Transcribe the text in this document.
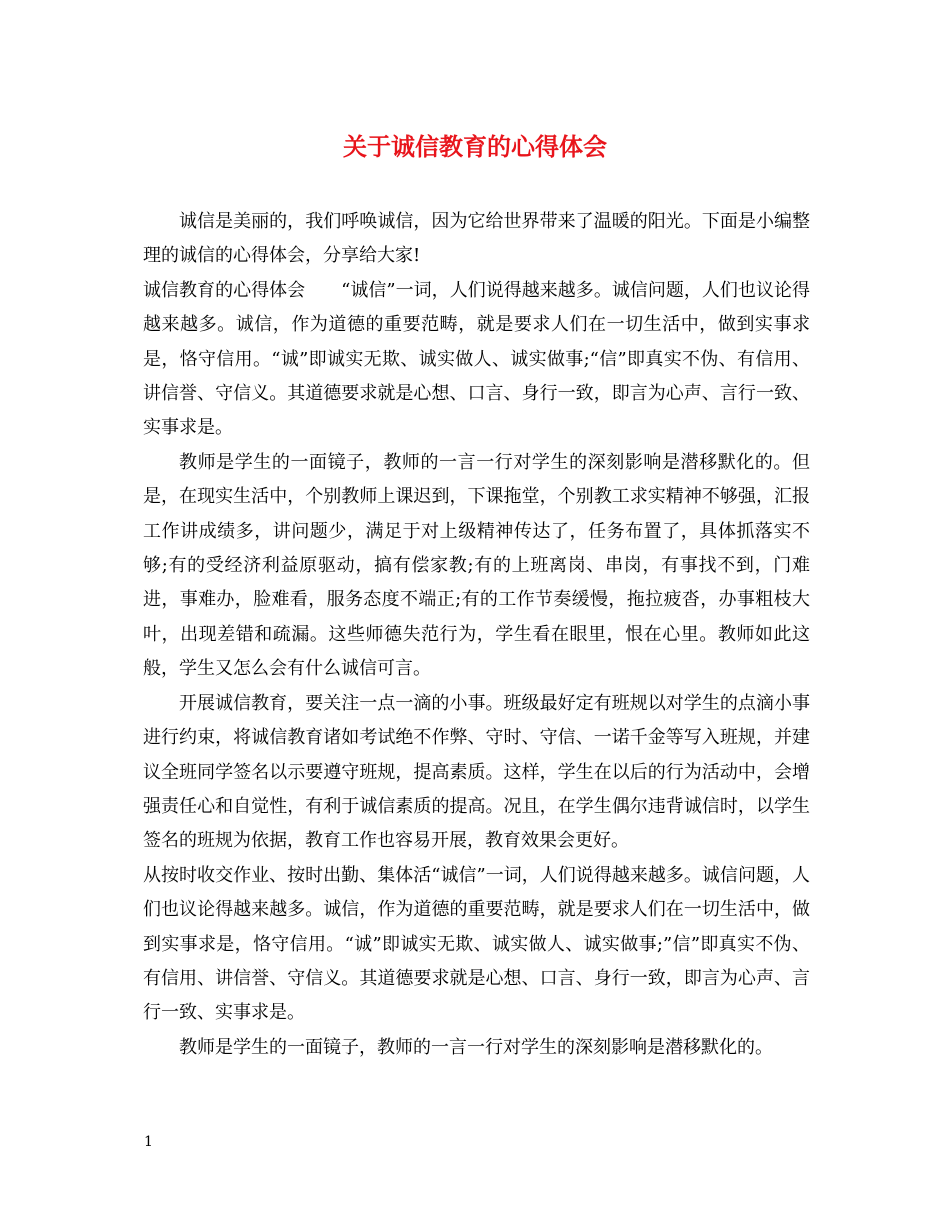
关于诚信教育的心得体会

诚信是美丽的，我们呼唤诚信，因为它给世界带来了温暖的阳光。下面是小编整理的诚信的心得体会，分享给大家!

诚信教育的心得体会　　“诚信”一词，人们说得越来越多。诚信问题，人们也议论得越来越多。诚信，作为道德的重要范畴，就是要求人们在一切生活中，做到实事求是，恪守信用。“诚”即诚实无欺、诚实做人、诚实做事;“信”即真实不伪、有信用、讲信誉、守信义。其道德要求就是心想、口言、身行一致，即言为心声、言行一致、实事求是。

教师是学生的一面镜子，教师的一言一行对学生的深刻影响是潜移默化的。但是，在现实生活中，个别教师上课迟到，下课拖堂，个别教工求实精神不够强，汇报工作讲成绩多，讲问题少，满足于对上级精神传达了，任务布置了，具体抓落实不够;有的受经济利益原驱动，搞有偿家教;有的上班离岗、串岗，有事找不到，门难进，事难办，脸难看，服务态度不端正;有的工作节奏缓慢，拖拉疲沓，办事粗枝大叶，出现差错和疏漏。这些师德失范行为，学生看在眼里，恨在心里。教师如此这般，学生又怎么会有什么诚信可言。

开展诚信教育，要关注一点一滴的小事。班级最好定有班规以对学生的点滴小事进行约束，将诚信教育诸如考试绝不作弊、守时、守信、一诺千金等写入班规，并建议全班同学签名以示要遵守班规，提高素质。这样，学生在以后的行为活动中，会增强责任心和自觉性，有利于诚信素质的提高。况且，在学生偶尔违背诚信时，以学生签名的班规为依据，教育工作也容易开展，教育效果会更好。

从按时收交作业、按时出勤、集体活“诚信”一词，人们说得越来越多。诚信问题，人们也议论得越来越多。诚信，作为道德的重要范畴，就是要求人们在一切生活中，做到实事求是，恪守信用。“诚”即诚实无欺、诚实做人、诚实做事;”信”即真实不伪、有信用、讲信誉、守信义。其道德要求就是心想、口言、身行一致，即言为心声、言行一致、实事求是。

教师是学生的一面镜子，教师的一言一行对学生的深刻影响是潜移默化的。

1
